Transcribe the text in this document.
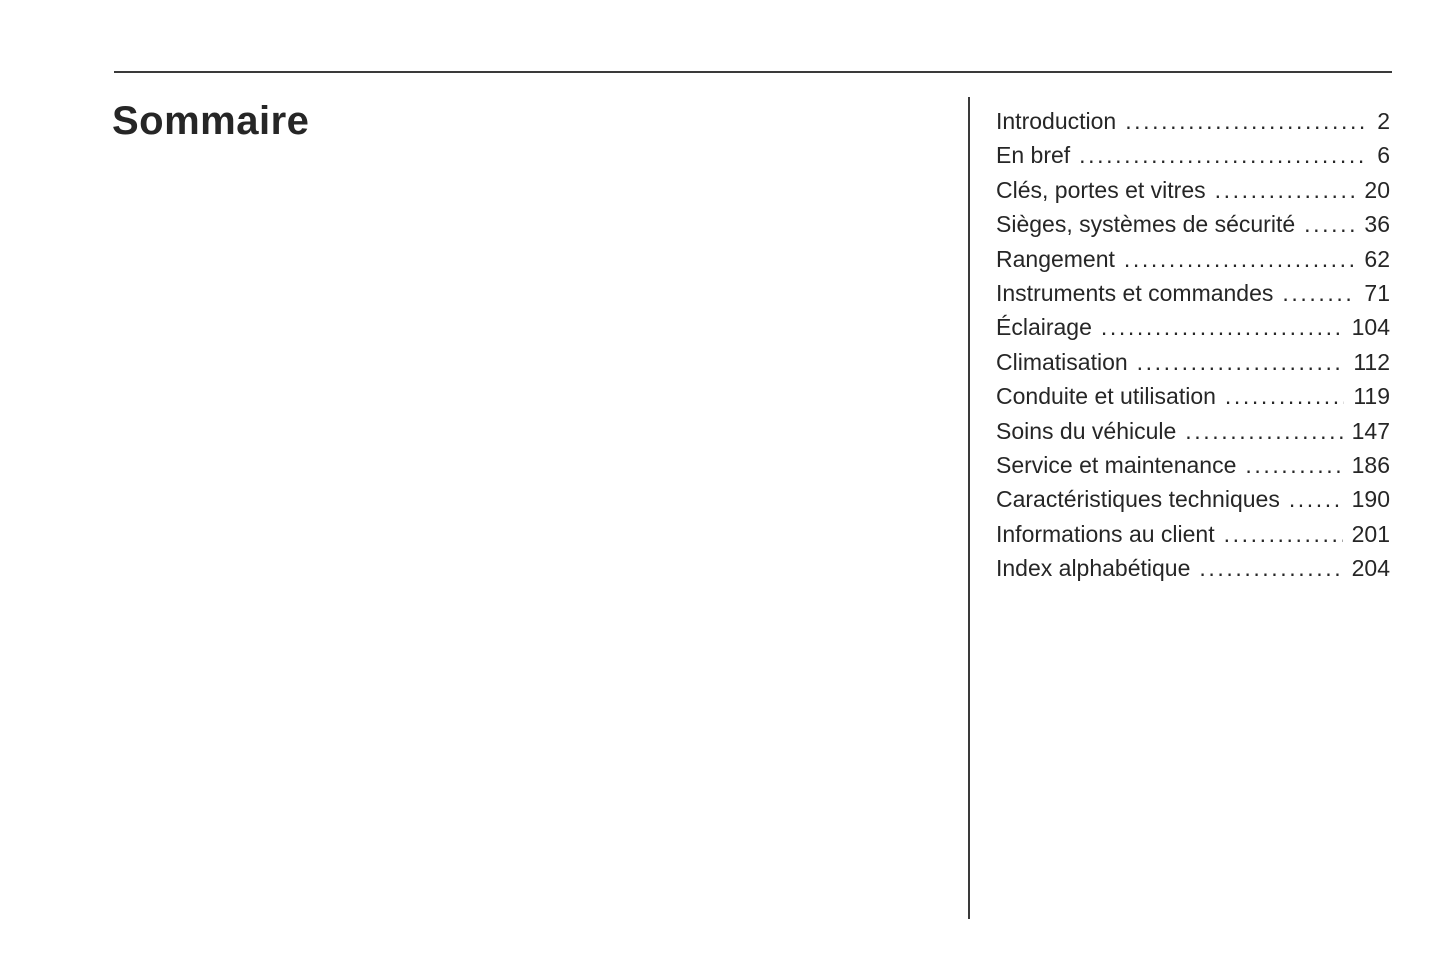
Sommaire	Introduction .....	2
En bref .....	6
Clés, portes et vitres .....	20
Sièges, systèmes de sécurité .....	36
Rangement .....	62
Instruments et commandes .....	71
Éclairage .....	104
Climatisation .....	112
Conduite et utilisation .....	119
Soins du véhicule .....	147
Service et maintenance .....	186
Caractéristiques techniques .....	190
Informations au client .....	201
Index alphabétique .....	204
